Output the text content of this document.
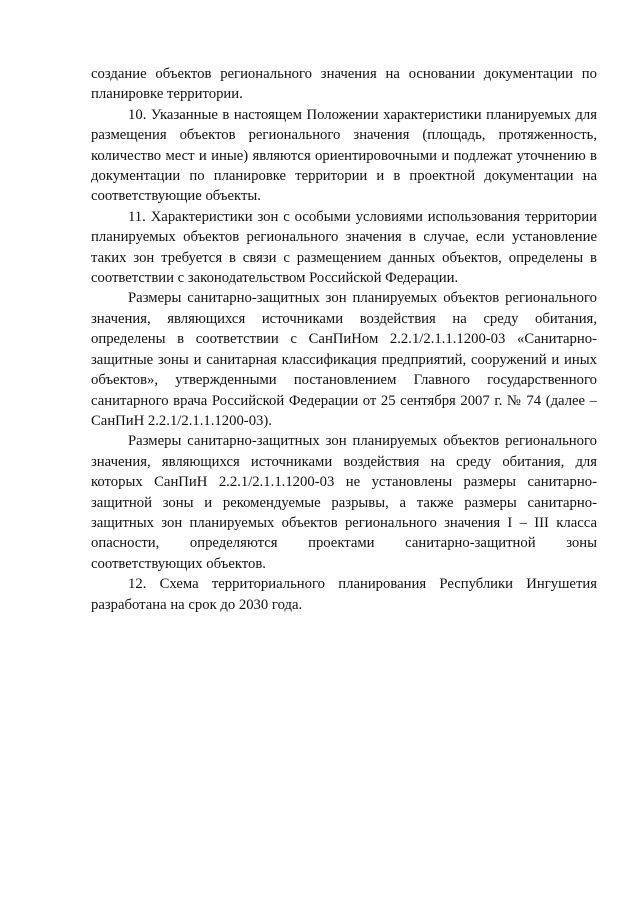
создание объектов регионального значения на основании документации по планировке территории.

10. Указанные в настоящем Положении характеристики планируемых для размещения объектов регионального значения (площадь, протяженность, количество мест и иные) являются ориентировочными и подлежат уточнению в документации по планировке территории и в проектной документации на соответствующие объекты.

11. Характеристики зон с особыми условиями использования территории планируемых объектов регионального значения в случае, если установление таких зон требуется в связи с размещением данных объектов, определены в соответствии с законодательством Российской Федерации.

Размеры санитарно-защитных зон планируемых объектов регионального значения, являющихся источниками воздействия на среду обитания, определены в соответствии с СанПиНом 2.2.1/2.1.1.1200-03 «Санитарно-защитные зоны и санитарная классификация предприятий, сооружений и иных объектов», утвержденными постановлением Главного государственного санитарного врача Российской Федерации от 25 сентября 2007 г. № 74 (далее – СанПиН 2.2.1/2.1.1.1200-03).

Размеры санитарно-защитных зон планируемых объектов регионального значения, являющихся источниками воздействия на среду обитания, для которых СанПиН 2.2.1/2.1.1.1200-03 не установлены размеры санитарно-защитной зоны и рекомендуемые разрывы, а также размеры санитарно-защитных зон планируемых объектов регионального значения I – III класса опасности, определяются проектами санитарно-защитной зоны соответствующих объектов.

12. Схема территориального планирования Республики Ингушетия разработана на срок до 2030 года.
